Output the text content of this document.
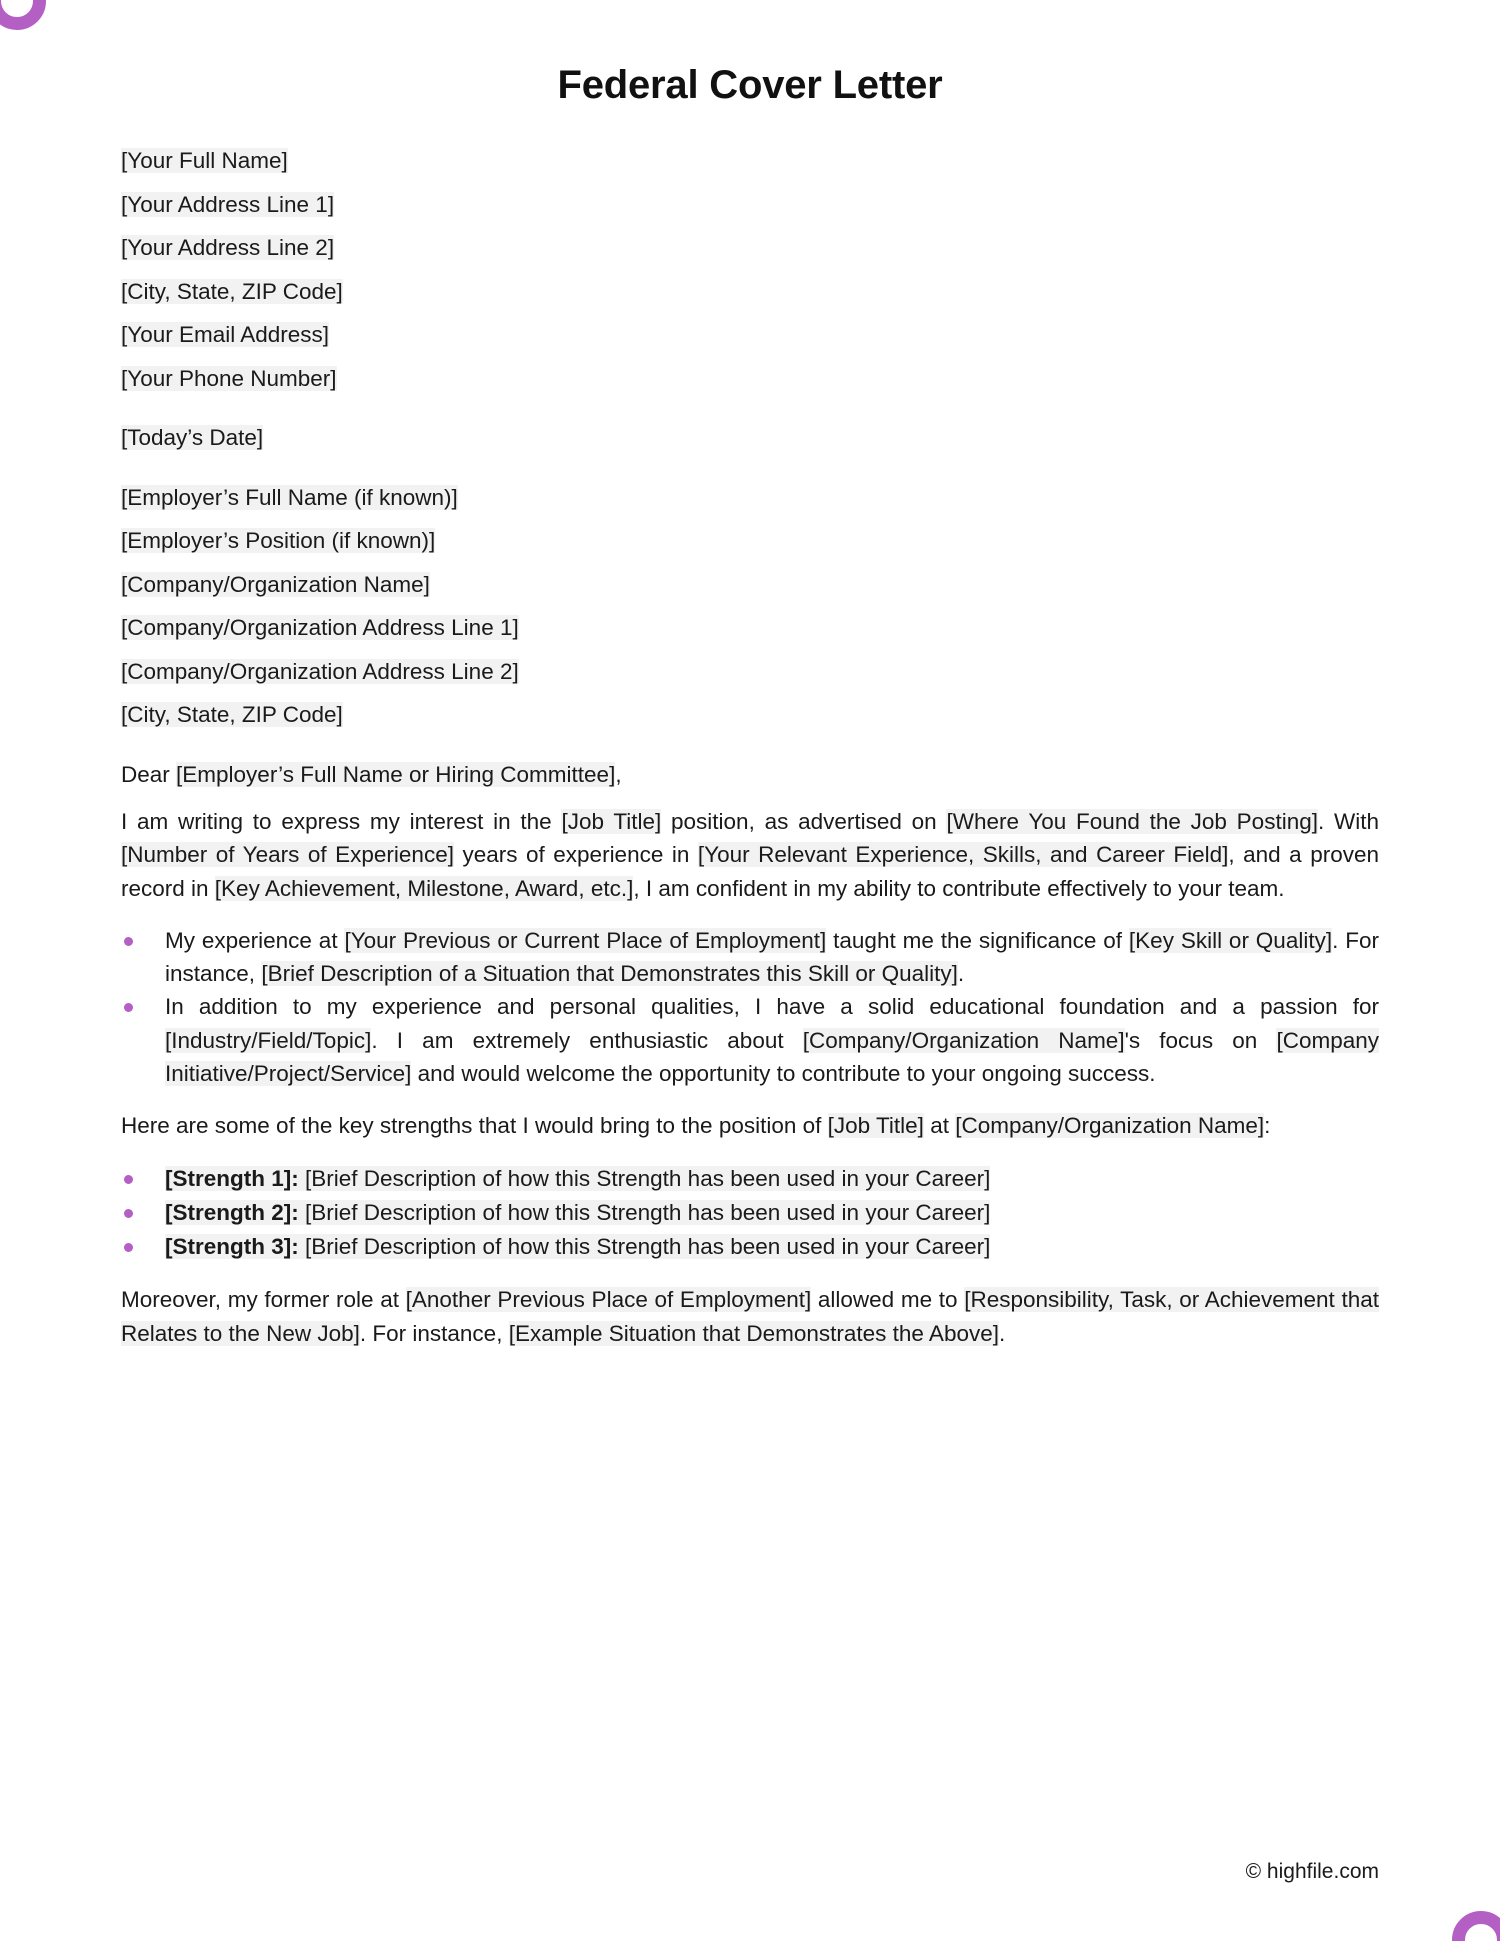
Federal Cover Letter
[Your Full Name]
[Your Address Line 1]
[Your Address Line 2]
[City, State, ZIP Code]
[Your Email Address]
[Your Phone Number]
[Today’s Date]
[Employer’s Full Name (if known)]
[Employer’s Position (if known)]
[Company/Organization Name]
[Company/Organization Address Line 1]
[Company/Organization Address Line 2]
[City, State, ZIP Code]

Dear [Employer’s Full Name or Hiring Committee],

I am writing to express my interest in the [Job Title] position, as advertised on [Where You Found the Job Posting]. With [Number of Years of Experience] years of experience in [Your Relevant Experience, Skills, and Career Field], and a proven record in [Key Achievement, Milestone, Award, etc.], I am confident in my ability to contribute effectively to your team.

My experience at [Your Previous or Current Place of Employment] taught me the significance of [Key Skill or Quality]. For instance, [Brief Description of a Situation that Demonstrates this Skill or Quality].
In addition to my experience and personal qualities, I have a solid educational foundation and a passion for [Industry/Field/Topic]. I am extremely enthusiastic about [Company/Organization Name]'s focus on [Company Initiative/Project/Service] and would welcome the opportunity to contribute to your ongoing success.

Here are some of the key strengths that I would bring to the position of [Job Title] at [Company/Organization Name]:

[Strength 1]: [Brief Description of how this Strength has been used in your Career]
[Strength 2]: [Brief Description of how this Strength has been used in your Career]
[Strength 3]: [Brief Description of how this Strength has been used in your Career]

Moreover, my former role at [Another Previous Place of Employment] allowed me to [Responsibility, Task, or Achievement that Relates to the New Job]. For instance, [Example Situation that Demonstrates the Above].

© highfile.com
